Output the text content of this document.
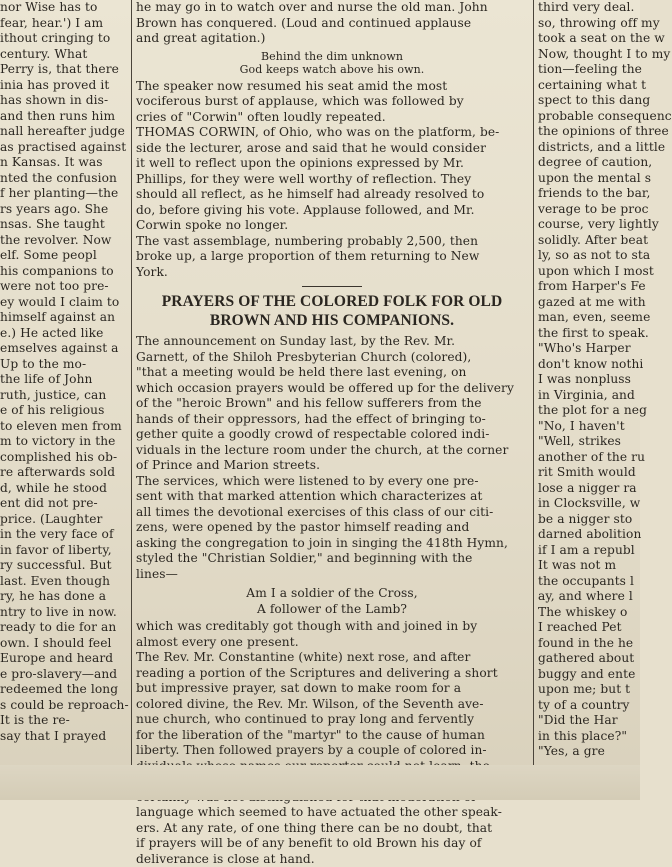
nor Wise has to
fear, hear.') I am
ithout cringing to
century. What
Perry is, that there
inia has proved it
has shown in dis-
and then runs him
nall hereafter judge
as practised against
n Kansas. It was
nted the confusion
f her planting—the
rs years ago. She
nsas. She taught
the revolver. Now
elf. Some peopl
his companions to
were not too pre-
ey would I claim to
himself against an
e.) He acted like
emselves against a
Up to the mo-
the life of John
ruth, justice, can
e of his religious
to eleven men from
m to victory in the
complished his ob-
re afterwards sold
d, while he stood
ent did not pre-
price. (Laughter
in the very face of
in favor of liberty,
ry successful. But
last. Even though
ry, he has done a
ntry to live in now.
ready to die for an
own. I should feel
Europe and heard
e pro-slavery—and
redeemed the long
s could be reproach-
It is the re-
say that I prayed
he may go in to watch over and nurse the old man. John
Brown has conquered. (Loud and continued applause
and great agitation.)
Behind the dim unknown
God keeps watch above his own.
The speaker now resumed his seat amid the most
vociferous burst of applause, which was followed by
cries of "Corwin" often loudly repeated.
THOMAS CORWIN, of Ohio, who was on the platform, be-
side the lecturer, arose and said that he would consider
it well to reflect upon the opinions expressed by Mr.
Phillips, for they were well worthy of reflection. They
should all reflect, as he himself had already resolved to
do, before giving his vote. Applause followed, and Mr.
Corwin spoke no longer.
The vast assemblage, numbering probably 2,500, then
broke up, a large proportion of them returning to New
York.
PRAYERS OF THE COLORED FOLK FOR OLD
BROWN AND HIS COMPANIONS.
The announcement on Sunday last, by the Rev. Mr.
Garnett, of the Shiloh Presbyterian Church (colored),
"that a meeting would be held there last evening, on
which occasion prayers would be offered up for the delivery
of the "heroic Brown" and his fellow sufferers from the
hands of their oppressors, had the effect of bringing to-
gether quite a goodly crowd of respectable colored indi-
viduals in the lecture room under the church, at the corner
of Prince and Marion streets.
The services, which were listened to by every one pre-
sent with that marked attention which characterizes at
all times the devotional exercises of this class of our citi-
zens, were opened by the pastor himself reading and
asking the congregation to join in singing the 418th Hymn,
styled the "Christian Soldier," and beginning with the
lines—
Am I a soldier of the Cross,
A follower of the Lamb?
which was creditably got though with and joined in by
almost every one present.
The Rev. Mr. Constantine (white) next rose, and after
reading a portion of the Scriptures and delivering a short
but impressive prayer, sat down to make room for a
colored divine, the Rev. Mr. Wilson, of the Seventh ave-
nue church, who continued to pray long and fervently
for the liberation of the "martyr" to the cause of human
liberty. Then followed prayers by a couple of colored in-
language which seemed to have actuated the other speak-
ers. At any rate, of one thing there can be no doubt, that
if prayers will be of any benefit to old Brown his day of
deliverance is close at hand.
third very deal.
so, throwing off my
took a seat on the w
Now, thought I to my
tion—feeling the
certaining what t
spect to this dang
probable consequenc
the opinions of three
districts, and a little
degree of caution,
upon the mental s
friends to the bar,
verage to be proc
course, very lightly
solidly. After beat
ly, so as not to sta
upon which I most
from Harper's Fe
gazed at me with
man, even, seeme
the first to speak.
"Who's Harper
don't know nothi
I was nonpluss
in Virginia, and
the plot for a neg
"No, I haven't
"Well, strikes
another of the ru
rit Smith would
lose a nigger ra
in Clocksville, w
be a nigger sto
darned abolition
if I am a republ
It was not m
the occupants l
ay, and where l
The whiskey o
I reached Pet
found in the he
gathered about
buggy and ente
upon me; but t
ty of a country
"Did the Har
in this place?"
"Yes, a gre
